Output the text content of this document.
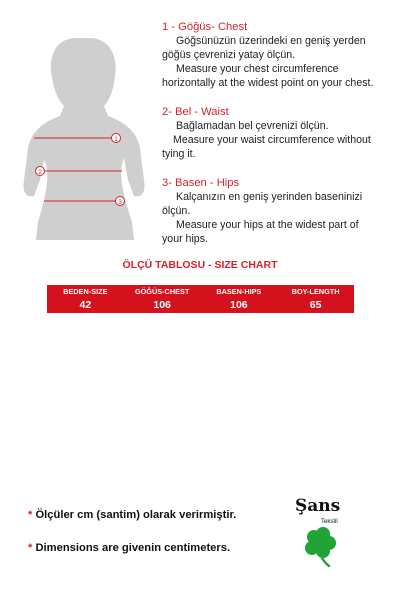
1
2
3
1 - Göğüs- Chest
Göğsünüzün üzerindeki en geniş yerden
göğüs çevrenizi yatay ölçün.
Measure your chest circumference
horizontally at the widest point on your chest.
2- Bel - Waist
Bağlamadan bel çevrenizi ölçün.
Measure your waist circumference without
tying it.
3- Basen - Hips
Kalçanızın en geniş yerinden baseninizi
ölçün.
Measure your hips at the widest part of
your hips.
ÖLÇÜ TABLOSU - SIZE CHART
BEDEN-SIZE	GÖĞÜS-CHEST	BASEN-HIPS	BOY-LENGTH
42	106	106	65
* Ölçüler cm (santim) olarak verirmiştir.
* Dimensions are givenin centimeters.
Şans
Tekstil
